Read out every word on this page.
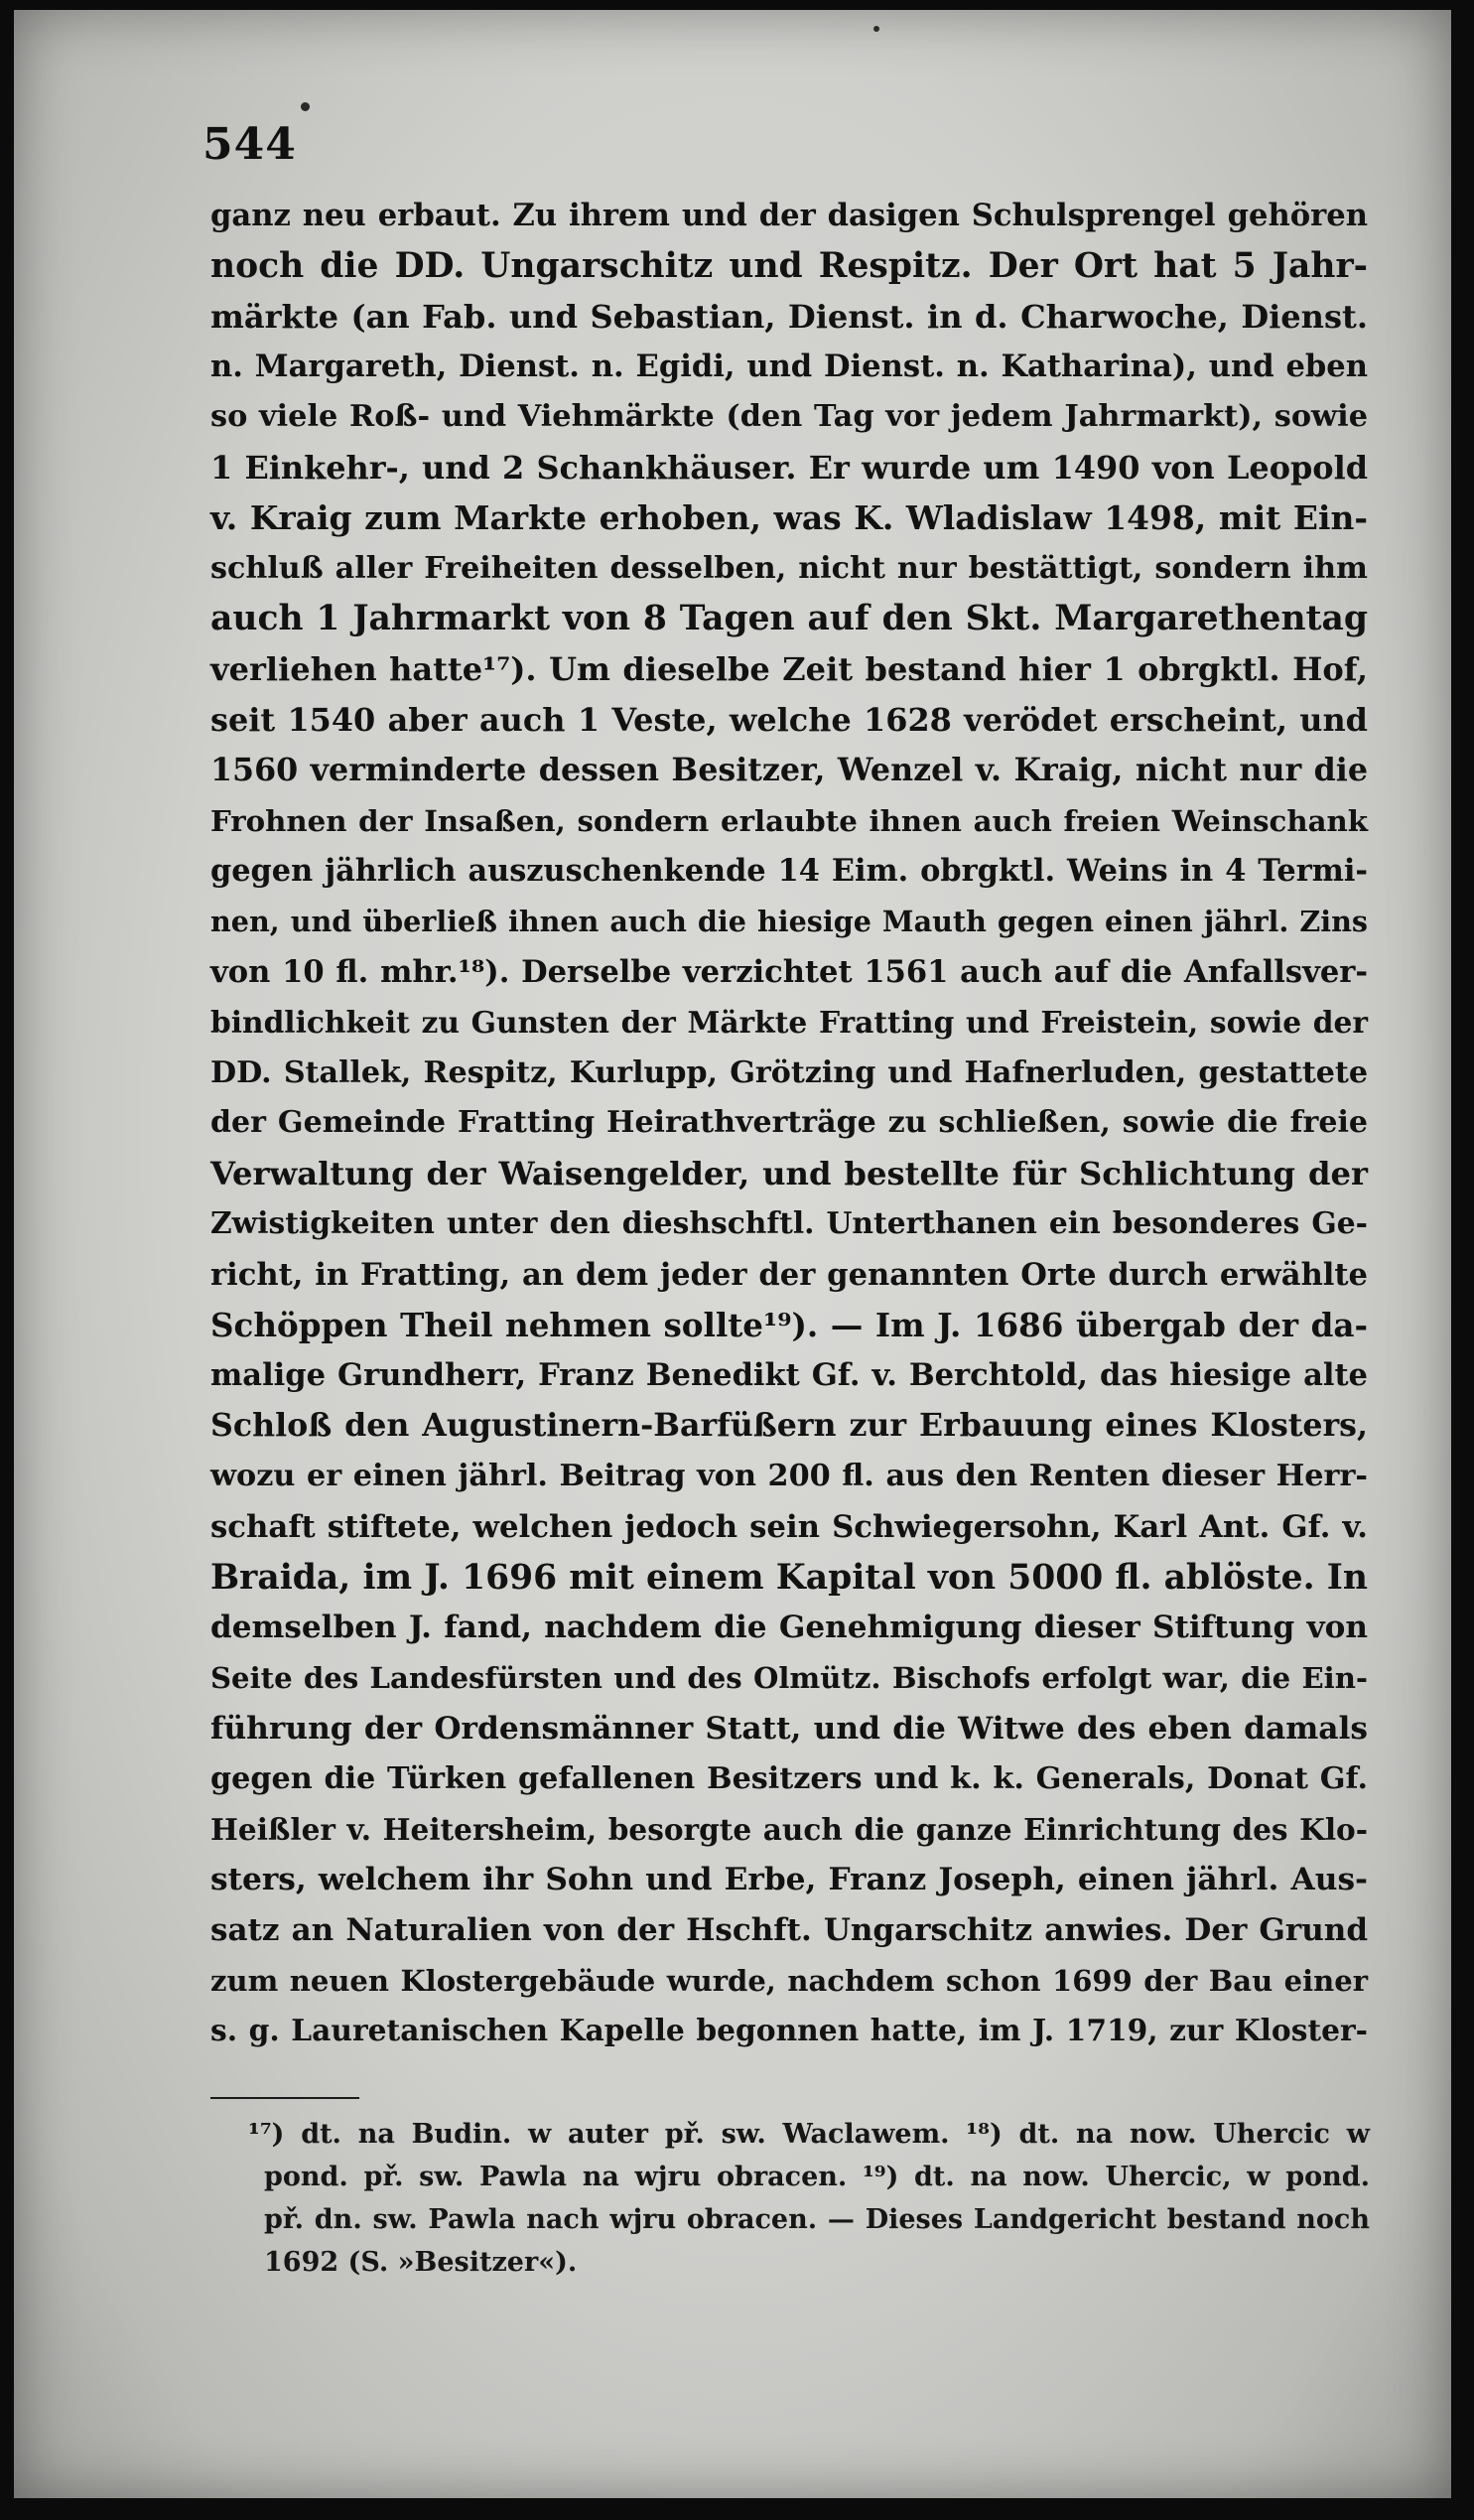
544
ganz neu erbaut. Zu ihrem und der dasigen Schulsprengel gehören
noch die DD. Ungarschitz und Respitz. Der Ort hat 5 Jahr-
märkte (an Fab. und Sebastian, Dienst. in d. Charwoche, Dienst.
n. Margareth, Dienst. n. Egidi, und Dienst. n. Katharina), und eben
so viele Roß- und Viehmärkte (den Tag vor jedem Jahrmarkt), sowie
1 Einkehr-, und 2 Schankhäuser. Er wurde um 1490 von Leopold
v. Kraig zum Markte erhoben, was K. Wladislaw 1498, mit Ein-
schluß aller Freiheiten desselben, nicht nur bestättigt, sondern ihm
auch 1 Jahrmarkt von 8 Tagen auf den Skt. Margarethentag
verliehen hatte¹⁷). Um dieselbe Zeit bestand hier 1 obrgktl. Hof,
seit 1540 aber auch 1 Veste, welche 1628 verödet erscheint, und
1560 verminderte dessen Besitzer, Wenzel v. Kraig, nicht nur die
Frohnen der Insaßen, sondern erlaubte ihnen auch freien Weinschank
gegen jährlich auszuschenkende 14 Eim. obrgktl. Weins in 4 Termi-
nen, und überließ ihnen auch die hiesige Mauth gegen einen jährl. Zins
von 10 fl. mhr.¹⁸). Derselbe verzichtet 1561 auch auf die Anfallsver-
bindlichkeit zu Gunsten der Märkte Fratting und Freistein, sowie der
DD. Stallek, Respitz, Kurlupp, Grötzing und Hafnerluden, gestattete
der Gemeinde Fratting Heirathverträge zu schließen, sowie die freie
Verwaltung der Waisengelder, und bestellte für Schlichtung der
Zwistigkeiten unter den dieshschftl. Unterthanen ein besonderes Ge-
richt, in Fratting, an dem jeder der genannten Orte durch erwählte
Schöppen Theil nehmen sollte¹⁹). — Im J. 1686 übergab der da-
malige Grundherr, Franz Benedikt Gf. v. Berchtold, das hiesige alte
Schloß den Augustinern-Barfüßern zur Erbauung eines Klosters,
wozu er einen jährl. Beitrag von 200 fl. aus den Renten dieser Herr-
schaft stiftete, welchen jedoch sein Schwiegersohn, Karl Ant. Gf. v.
Braida, im J. 1696 mit einem Kapital von 5000 fl. ablöste. In
demselben J. fand, nachdem die Genehmigung dieser Stiftung von
Seite des Landesfürsten und des Olmütz. Bischofs erfolgt war, die Ein-
führung der Ordensmänner Statt, und die Witwe des eben damals
gegen die Türken gefallenen Besitzers und k. k. Generals, Donat Gf.
Heißler v. Heitersheim, besorgte auch die ganze Einrichtung des Klo-
sters, welchem ihr Sohn und Erbe, Franz Joseph, einen jährl. Aus-
satz an Naturalien von der Hschft. Ungarschitz anwies. Der Grund
zum neuen Klostergebäude wurde, nachdem schon 1699 der Bau einer
s. g. Lauretanischen Kapelle begonnen hatte, im J. 1719, zur Kloster-
¹⁷) dt. na Budin. w auter př. sw. Waclawem. ¹⁸) dt. na now. Uhercic w
pond. př. sw. Pawla na wjru obracen. ¹⁹) dt. na now. Uhercic, w pond.
př. dn. sw. Pawla nach wjru obracen. — Dieses Landgericht bestand noch
1692 (S. »Besitzer«).
